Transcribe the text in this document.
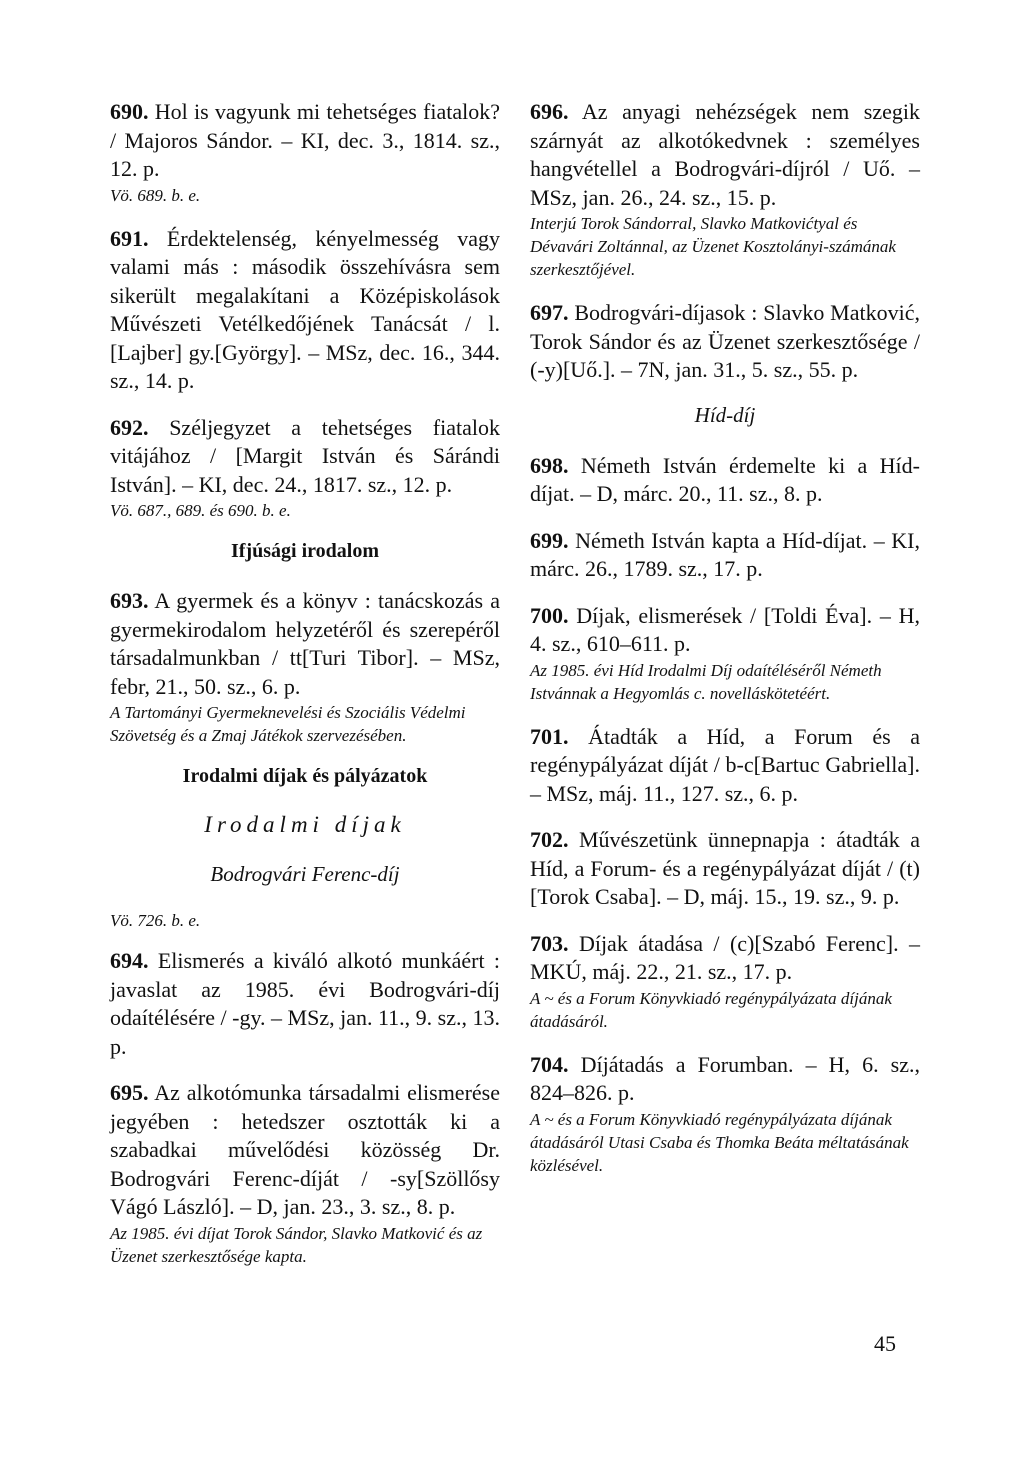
690. Hol is vagyunk mi tehetséges fiatalok? / Majoros Sándor. – KI, dec. 3., 1814. sz., 12. p.
Vö. 689. b. e.

691. Érdektelenség, kényelmesség vagy valami más : második összehívásra sem sikerült megalakítani a Középiskolások Művészeti Vetélkedőjének Tanácsát / l.[Lajber] gy.[György]. – MSz, dec. 16., 344. sz., 14. p.

692. Széljegyzet a tehetséges fiatalok vitájához / [Margit István és Sárándi István]. – KI, dec. 24., 1817. sz., 12. p.
Vö. 687., 689. és 690. b. e.

Ifjúsági irodalom

693. A gyermek és a könyv : tanácskozás a gyermekirodalom helyzetéről és szerepéről társadalmunkban / tt[Turi Tibor]. – MSz, febr, 21., 50. sz., 6. p.
A Tartományi Gyermeknevelési és Szociális Védelmi Szövetség és a Zmaj Játékok szervezésében.

Irodalmi díjak és pályázatok
Irodalmi díjak
Bodrogvári Ferenc-díj
Vö. 726. b. e.

694. Elismerés a kiváló alkotó munkáért : javaslat az 1985. évi Bodrogvári-díj odaítélésére / -gy. – MSz, jan. 11., 9. sz., 13. p.

695. Az alkotómunka társadalmi elismerése jegyében : hetedszer osztották ki a szabadkai művelődési közösség Dr. Bodrogvári Ferenc-díját / -sy[Szöllősy Vágó László]. – D, jan. 23., 3. sz., 8. p.
Az 1985. évi díjat Torok Sándor, Slavko Matković és az Üzenet szerkesztősége kapta.

696. Az anyagi nehézségek nem szegik szárnyát az alkotókedvnek : személyes hangvétellel a Bodrogvári-díjról / Uő. – MSz, jan. 26., 24. sz., 15. p.
Interjú Torok Sándorral, Slavko Matkovićtyal és Dévavári Zoltánnal, az Üzenet Kosztolányi-számának szerkesztőjével.

697. Bodrogvári-díjasok : Slavko Matković, Torok Sándor és az Üzenet szerkesztősége / (-y)[Uő.]. – 7N, jan. 31., 5. sz., 55. p.

Híd-díj

698. Németh István érdemelte ki a Híd-díjat. – D, márc. 20., 11. sz., 8. p.

699. Németh István kapta a Híd-díjat. – KI, márc. 26., 1789. sz., 17. p.

700. Díjak, elismerések / [Toldi Éva]. – H, 4. sz., 610–611. p.
Az 1985. évi Híd Irodalmi Díj odaítéléséről Németh Istvánnak a Hegyomlás c. novelláskötetéért.

701. Átadták a Híd, a Forum és a regénypályázat díját / b-c[Bartuc Gabriella]. – MSz, máj. 11., 127. sz., 6. p.

702. Művészetünk ünnepnapja : átadták a Híd, a Forum- és a regénypályázat díját / (t)[Torok Csaba]. – D, máj. 15., 19. sz., 9. p.

703. Díjak átadása / (c)[Szabó Ferenc]. – MKÚ, máj. 22., 21. sz., 17. p.
A ~ és a Forum Könyvkiadó regénypályázata díjának átadásáról.

704. Díjátadás a Forumban. – H, 6. sz., 824–826. p.
A ~ és a Forum Könyvkiadó regénypályázata díjának átadásáról Utasi Csaba és Thomka Beáta méltatásának közlésével.

45
